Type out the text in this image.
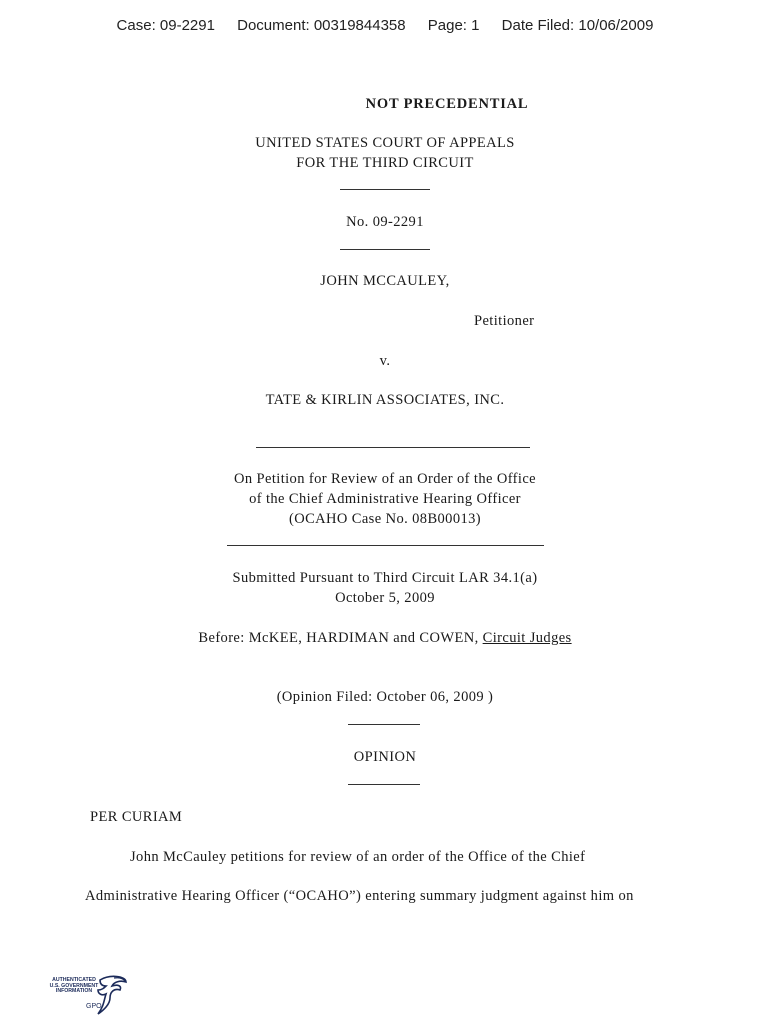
Case: 09-2291 Document: 00319844358 Page: 1 Date Filed: 10/06/2009
NOT PRECEDENTIAL
UNITED STATES COURT OF APPEALS
FOR THE THIRD CIRCUIT
No. 09-2291
JOHN MCCAULEY,
Petitioner
v.
TATE & KIRLIN ASSOCIATES, INC.
On Petition for Review of an Order of the Office
of the Chief Administrative Hearing Officer
(OCAHO Case No. 08B00013)
Submitted Pursuant to Third Circuit LAR 34.1(a)
October 5, 2009
Before: McKEE, HARDIMAN and COWEN, Circuit Judges
(Opinion Filed: October 06, 2009 )
OPINION
PER CURIAM
John McCauley petitions for review of an order of the Office of the Chief
Administrative Hearing Officer (“OCAHO”) entering summary judgment against him on
AUTHENTICATED
U.S. GOVERNMENT
INFORMATION
GPO
